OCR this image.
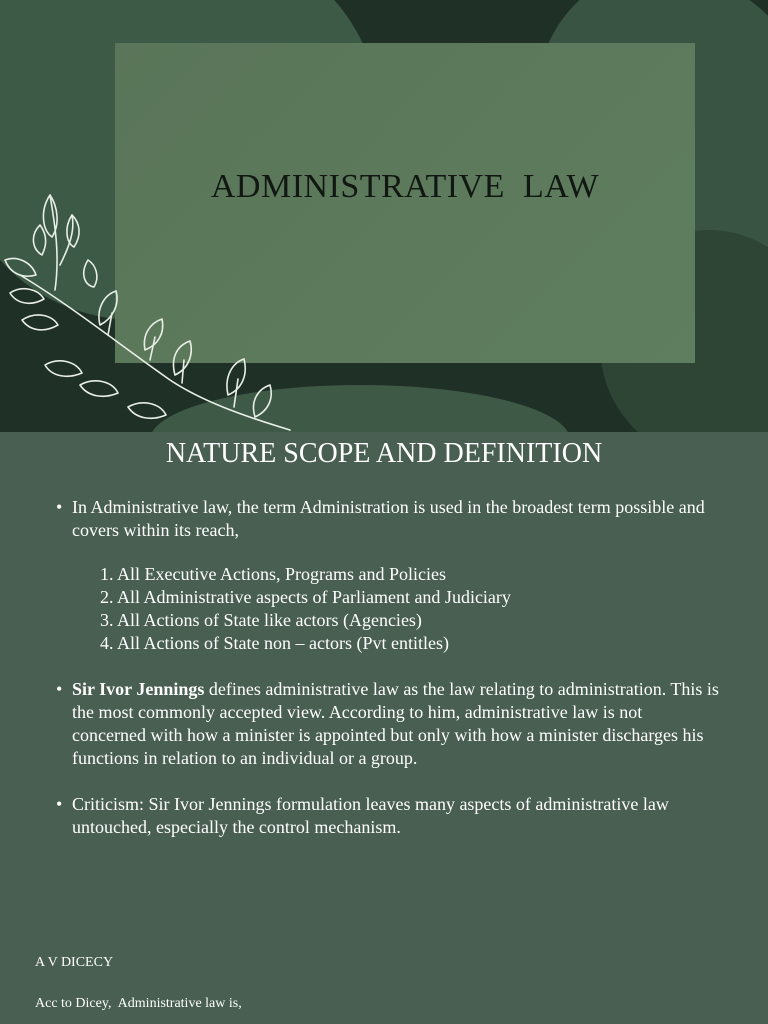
ADMINISTRATIVE  LAW
NATURE SCOPE AND DEFINITION
• In Administrative law, the term Administration is used in the broadest term possible and covers within its reach,
1. All Executive Actions, Programs and Policies
2. All Administrative aspects of Parliament and Judiciary
3. All Actions of State like actors (Agencies)
4. All Actions of State non – actors (Pvt entitles)
• Sir Ivor Jennings defines administrative law as the law relating to administration. This is the most commonly accepted view. According to him, administrative law is not concerned with how a minister is appointed but only with how a minister discharges his functions in relation to an individual or a group.
• Criticism: Sir Ivor Jennings formulation leaves many aspects of administrative law untouched, especially the control mechanism.
A V DICECY
Acc to Dicey,  Administrative law is,
